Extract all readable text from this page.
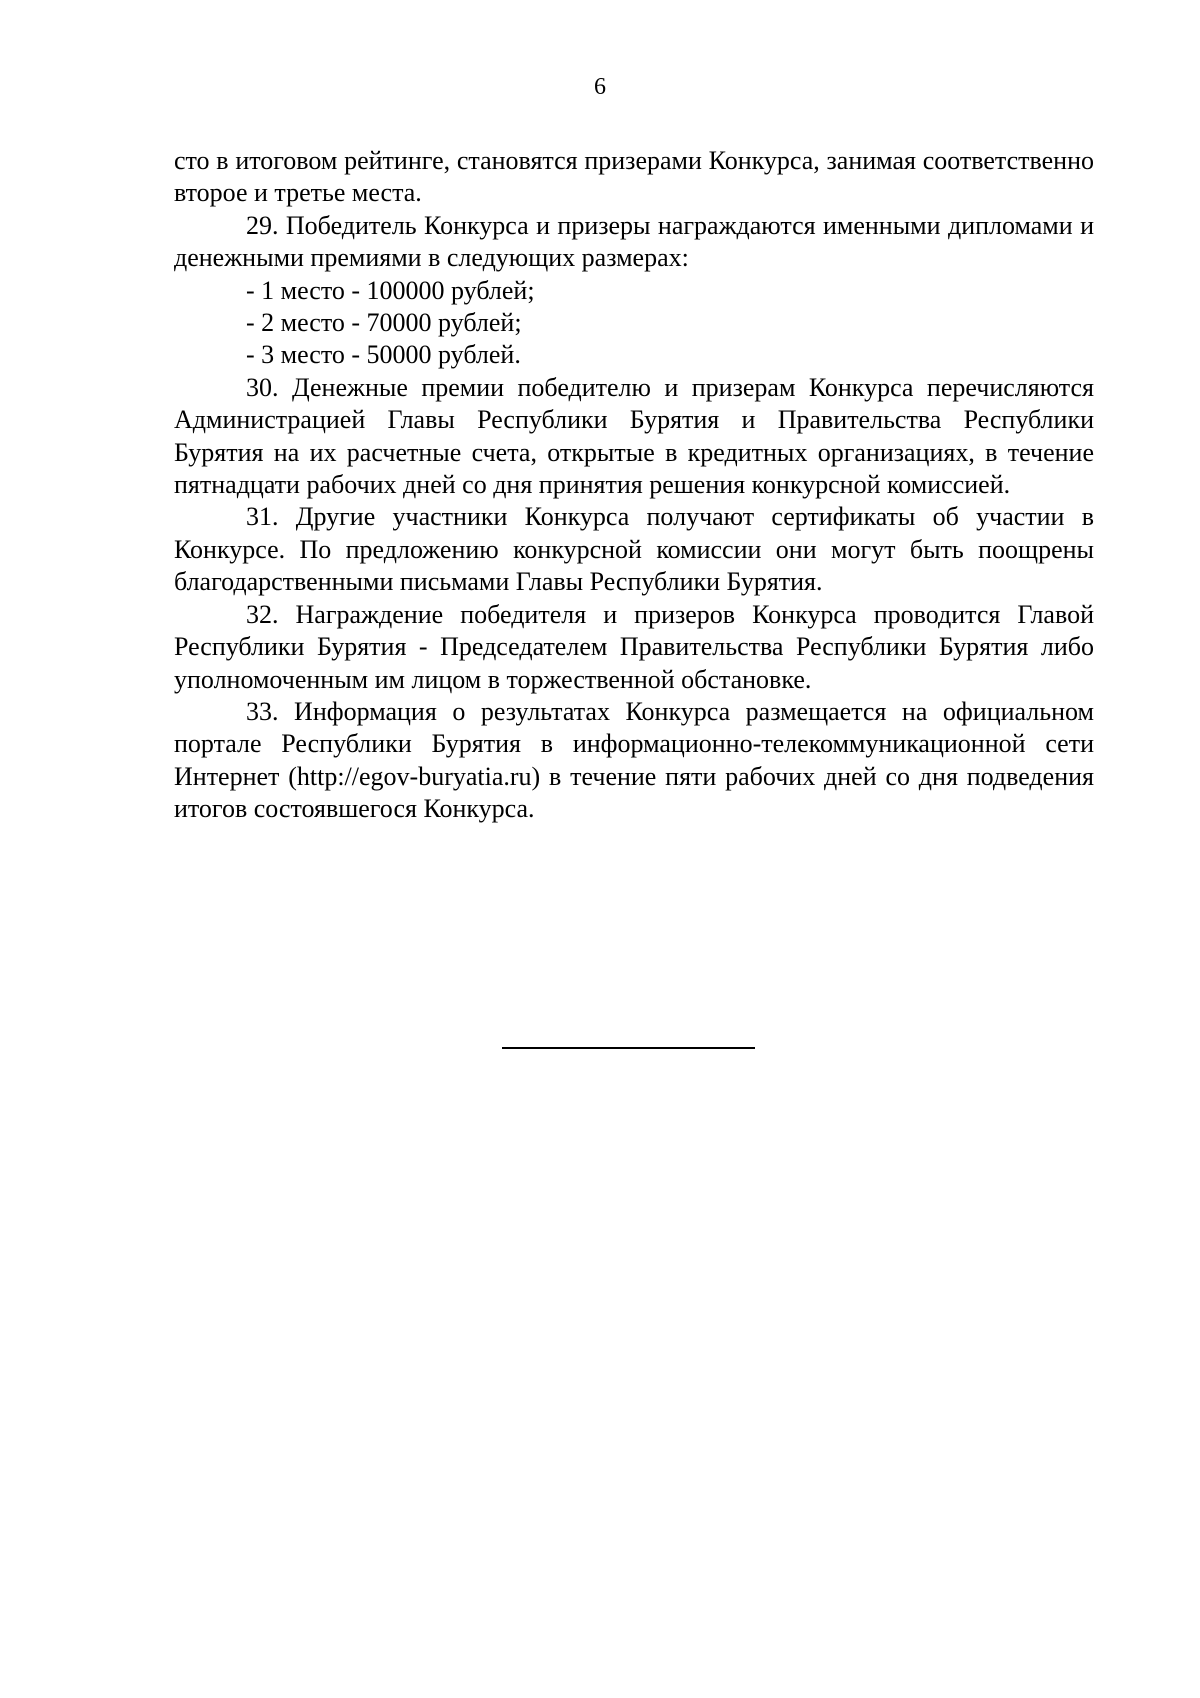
6

сто в итоговом рейтинге, становятся призерами Конкурса, занимая соответственно второе и третье места.

29. Победитель Конкурса и призеры награждаются именными дипломами и денежными премиями в следующих размерах:

- 1 место - 100000 рублей;

- 2 место - 70000 рублей;

- 3 место - 50000 рублей.

30. Денежные премии победителю и призерам Конкурса перечисляются Администрацией Главы Республики Бурятия и Правительства Республики Бурятия на их расчетные счета, открытые в кредитных организациях, в течение пятнадцати рабочих дней со дня принятия решения конкурсной комиссией.

31. Другие участники Конкурса получают сертификаты об участии в Конкурсе. По предложению конкурсной комиссии они могут быть поощрены благодарственными письмами Главы Республики Бурятия.

32. Награждение победителя и призеров Конкурса проводится Главой Республики Бурятия - Председателем Правительства Республики Бурятия либо уполномоченным им лицом в торжественной обстановке.

33. Информация о результатах Конкурса размещается на официальном портале Республики Бурятия в информационно-телекоммуникационной сети Интернет (http://egov-buryatia.ru) в течение пяти рабочих дней со дня подведения итогов состоявшегося Конкурса.
